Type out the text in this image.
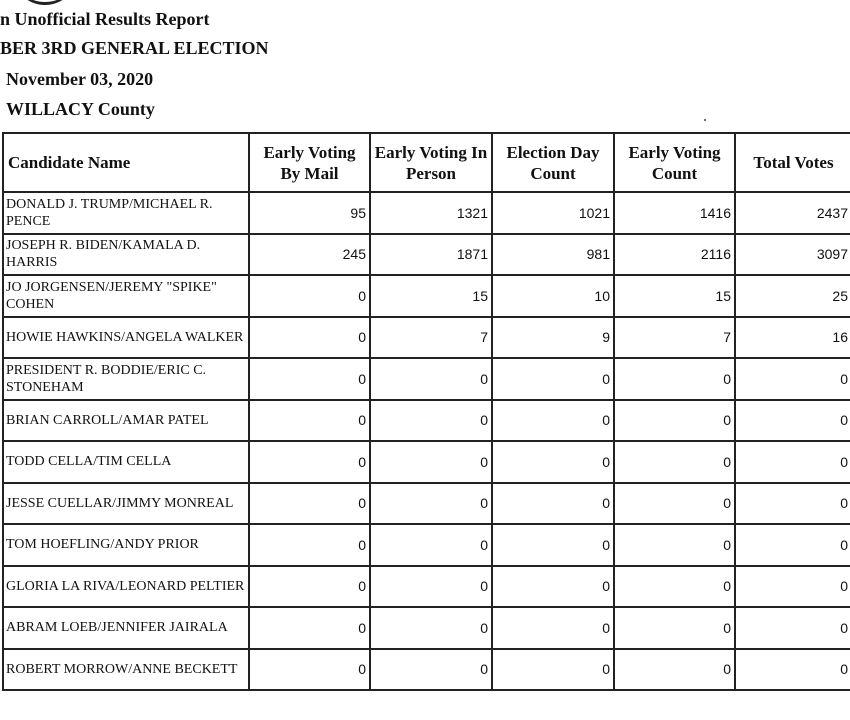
n Unofficial Results Report
BER 3RD GENERAL ELECTION
November 03, 2020
WILLACY County
Candidate Name	Early Voting By Mail	Early Voting In Person	Election Day Count	Early Voting Count	Total Votes
DONALD J. TRUMP/MICHAEL R. PENCE	95	1321	1021	1416	2437
JOSEPH R. BIDEN/KAMALA D. HARRIS	245	1871	981	2116	3097
JO JORGENSEN/JEREMY "SPIKE" COHEN	0	15	10	15	25
HOWIE HAWKINS/ANGELA WALKER	0	7	9	7	16
PRESIDENT R. BODDIE/ERIC C. STONEHAM	0	0	0	0	0
BRIAN CARROLL/AMAR PATEL	0	0	0	0	0
TODD CELLA/TIM CELLA	0	0	0	0	0
JESSE CUELLAR/JIMMY MONREAL	0	0	0	0	0
TOM HOEFLING/ANDY PRIOR	0	0	0	0	0
GLORIA LA RIVA/LEONARD PELTIER	0	0	0	0	0
ABRAM LOEB/JENNIFER JAIRALA	0	0	0	0	0
ROBERT MORROW/ANNE BECKETT	0	0	0	0	0
